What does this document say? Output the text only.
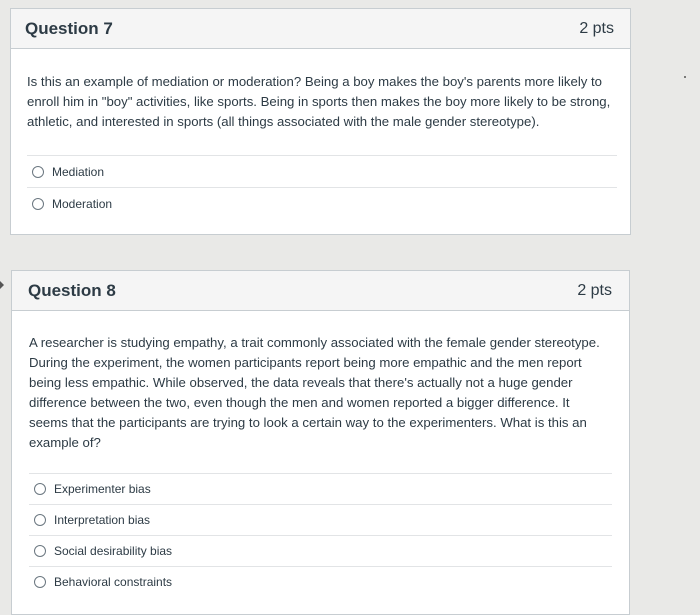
Question 7	2 pts
Is this an example of mediation or moderation? Being a boy makes the boy's parents more likely to enroll him in "boy" activities, like sports. Being in sports then makes the boy more likely to be strong, athletic, and interested in sports (all things associated with the male gender stereotype).
Mediation
Moderation
Question 8	2 pts
A researcher is studying empathy, a trait commonly associated with the female gender stereotype. During the experiment, the women participants report being more empathic and the men report being less empathic. While observed, the data reveals that there's actually not a huge gender difference between the two, even though the men and women reported a bigger difference. It seems that the participants are trying to look a certain way to the experimenters. What is this an example of?
Experimenter bias
Interpretation bias
Social desirability bias
Behavioral constraints
